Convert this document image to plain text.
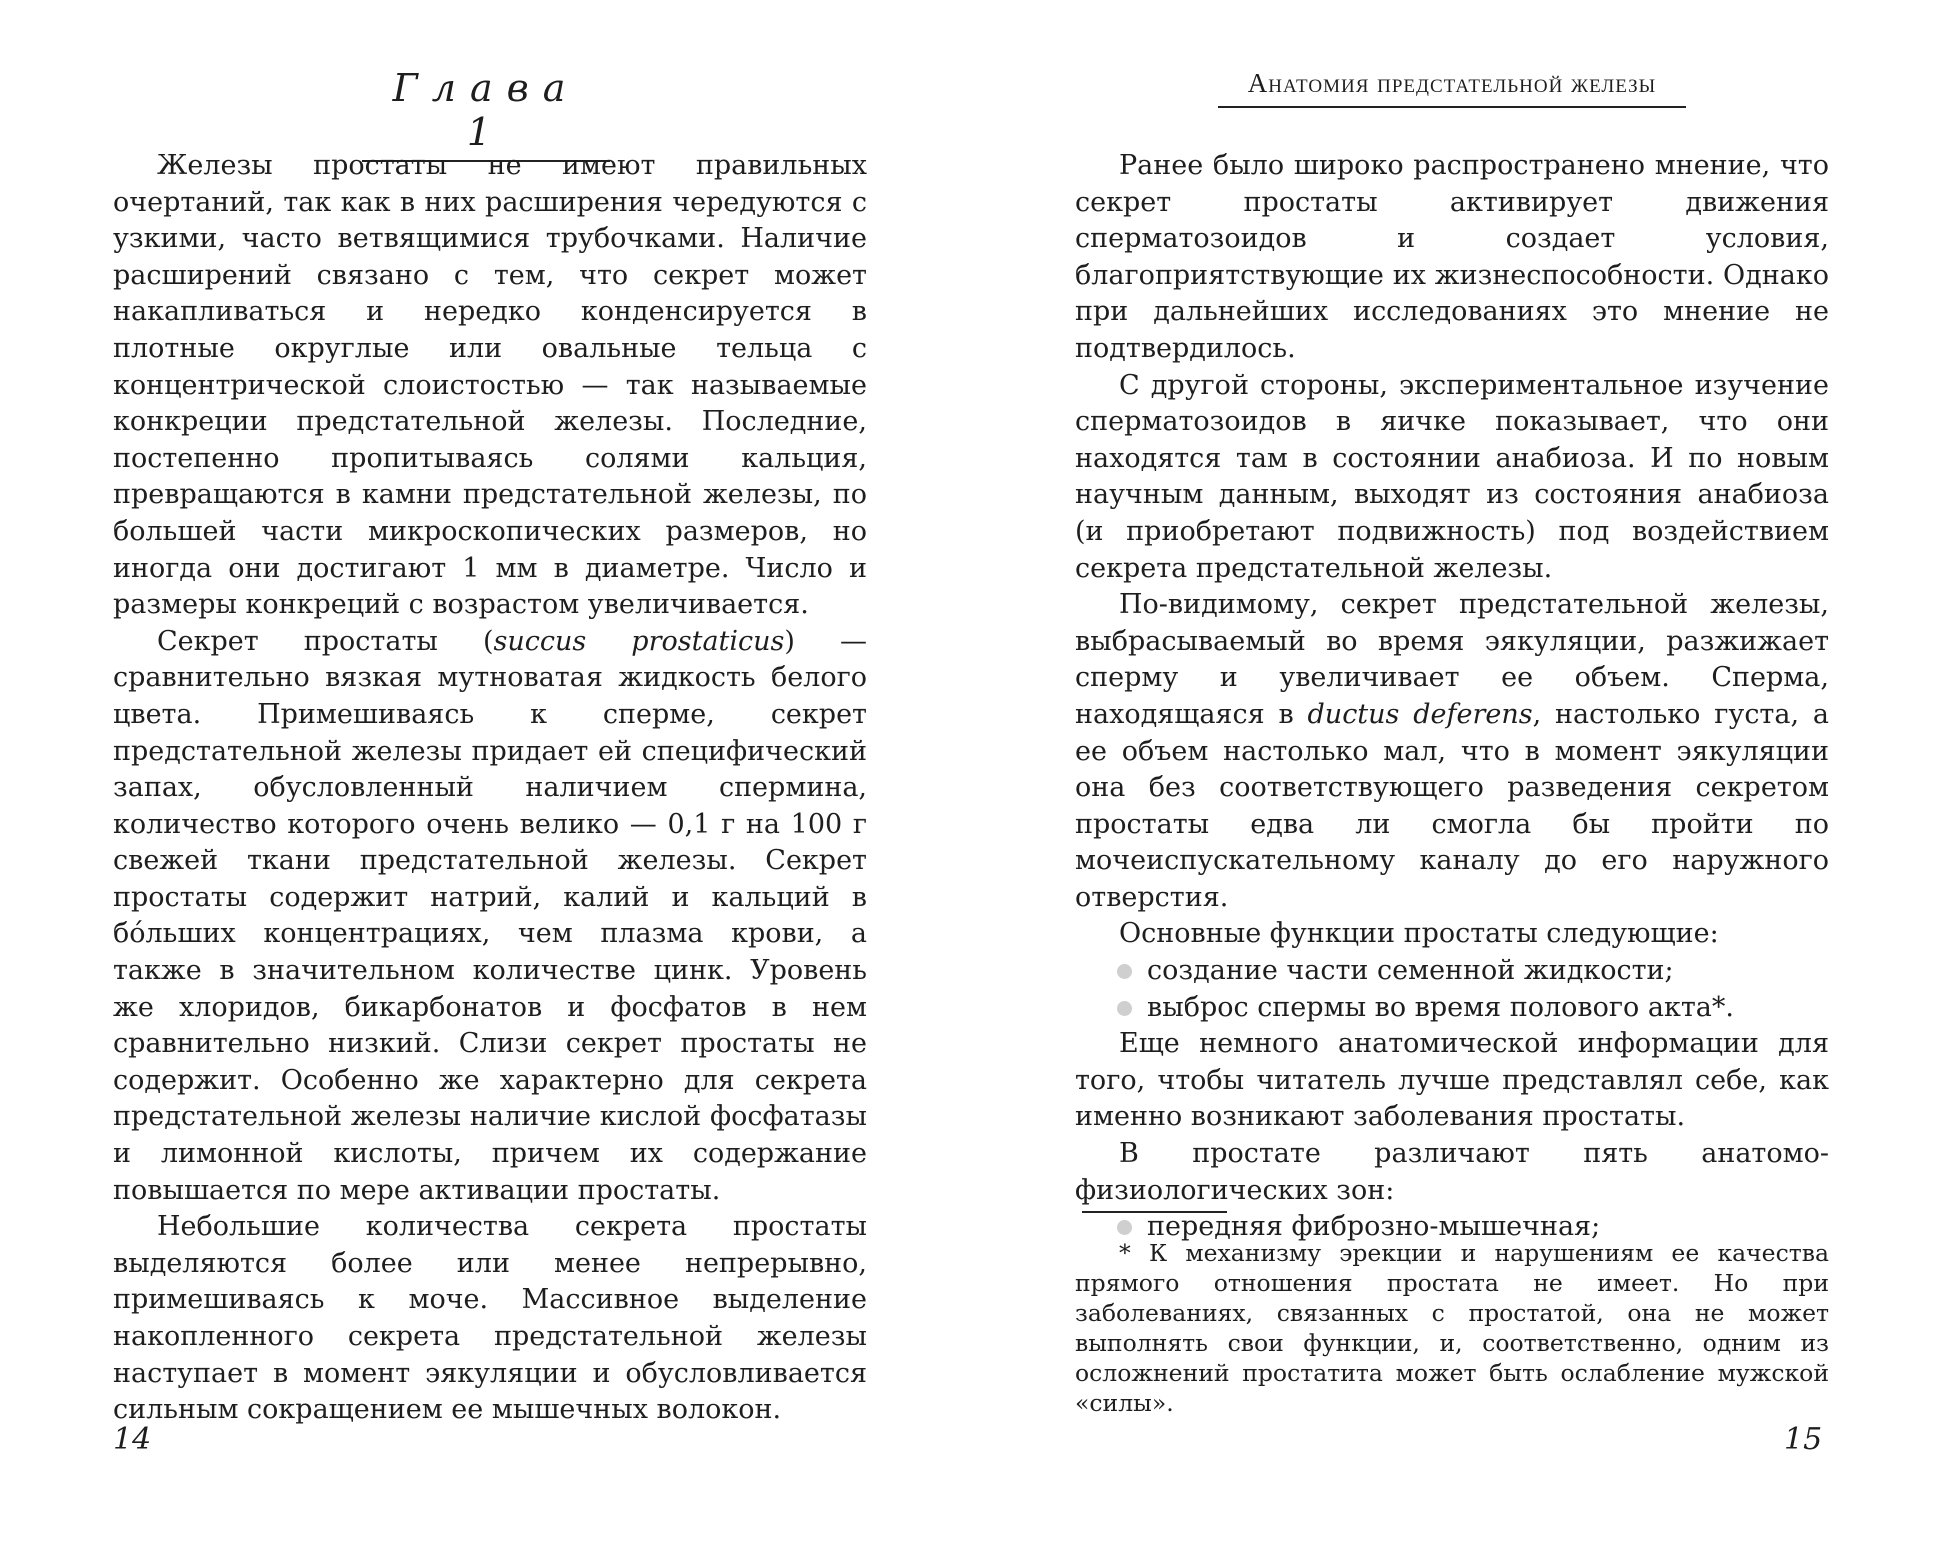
Глава 1

Железы простаты не имеют правильных очертаний, так как в них расширения чередуются с узкими, часто ветвящимися трубочками. Наличие расширений связано с тем, что секрет может накапливаться и нередко конденсируется в плотные округлые или овальные тельца с концентрической слоистостью — так называемые конкреции предстательной железы. Последние, постепенно пропитываясь солями кальция, превращаются в камни предстательной железы, по большей части микроскопических размеров, но иногда они достигают 1 мм в диаметре. Число и размеры конкреций с возрастом увеличивается.

Секрет простаты (succus prostaticus) — сравнительно вязкая мутноватая жидкость белого цвета. Примешиваясь к сперме, секрет предстательной железы придает ей специфический запах, обусловленный наличием спермина, количество которого очень велико — 0,1 г на 100 г свежей ткани предстательной железы. Секрет простаты содержит натрий, калий и кальций в бóльших концентрациях, чем плазма крови, а также в значительном количестве цинк. Уровень же хлоридов, бикарбонатов и фосфатов в нем сравнительно низкий. Слизи секрет простаты не содержит. Особенно же характерно для секрета предстательной железы наличие кислой фосфатазы и лимонной кислоты, причем их содержание повышается по мере активации простаты.

Небольшие количества секрета простаты выделяются более или менее непрерывно, примешиваясь к моче. Массивное выделение накопленного секрета предстательной железы наступает в момент эякуляции и обусловливается сильным сокращением ее мышечных волокон.

14
Анатомия предстательной железы

Ранее было широко распространено мнение, что секрет простаты активирует движения сперматозоидов и создает условия, благоприятствующие их жизнеспособности. Однако при дальнейших исследованиях это мнение не подтвердилось.

С другой стороны, экспериментальное изучение сперматозоидов в яичке показывает, что они находятся там в состоянии анабиоза. И по новым научным данным, выходят из состояния анабиоза (и приобретают подвижность) под воздействием секрета предстательной железы.

По-видимому, секрет предстательной железы, выбрасываемый во время эякуляции, разжижает сперму и увеличивает ее объем. Сперма, находящаяся в ductus deferens, настолько густа, а ее объем настолько мал, что в момент эякуляции она без соответствующего разведения секретом простаты едва ли смогла бы пройти по мочеиспускательному каналу до его наружного отверстия.

Основные функции простаты следующие:

создание части семенной жидкости;
выброс спермы во время полового акта*.

Еще немного анатомической информации для того, чтобы читатель лучше представлял себе, как именно возникают заболевания простаты.

В простате различают пять анатомо-физиологических зон:

передняя фиброзно-мышечная;

* К механизму эрекции и нарушениям ее качества прямого отношения простата не имеет. Но при заболеваниях, связанных с простатой, она не может выполнять свои функции, и, соответственно, одним из осложнений простатита может быть ослабление мужской «силы».

15
